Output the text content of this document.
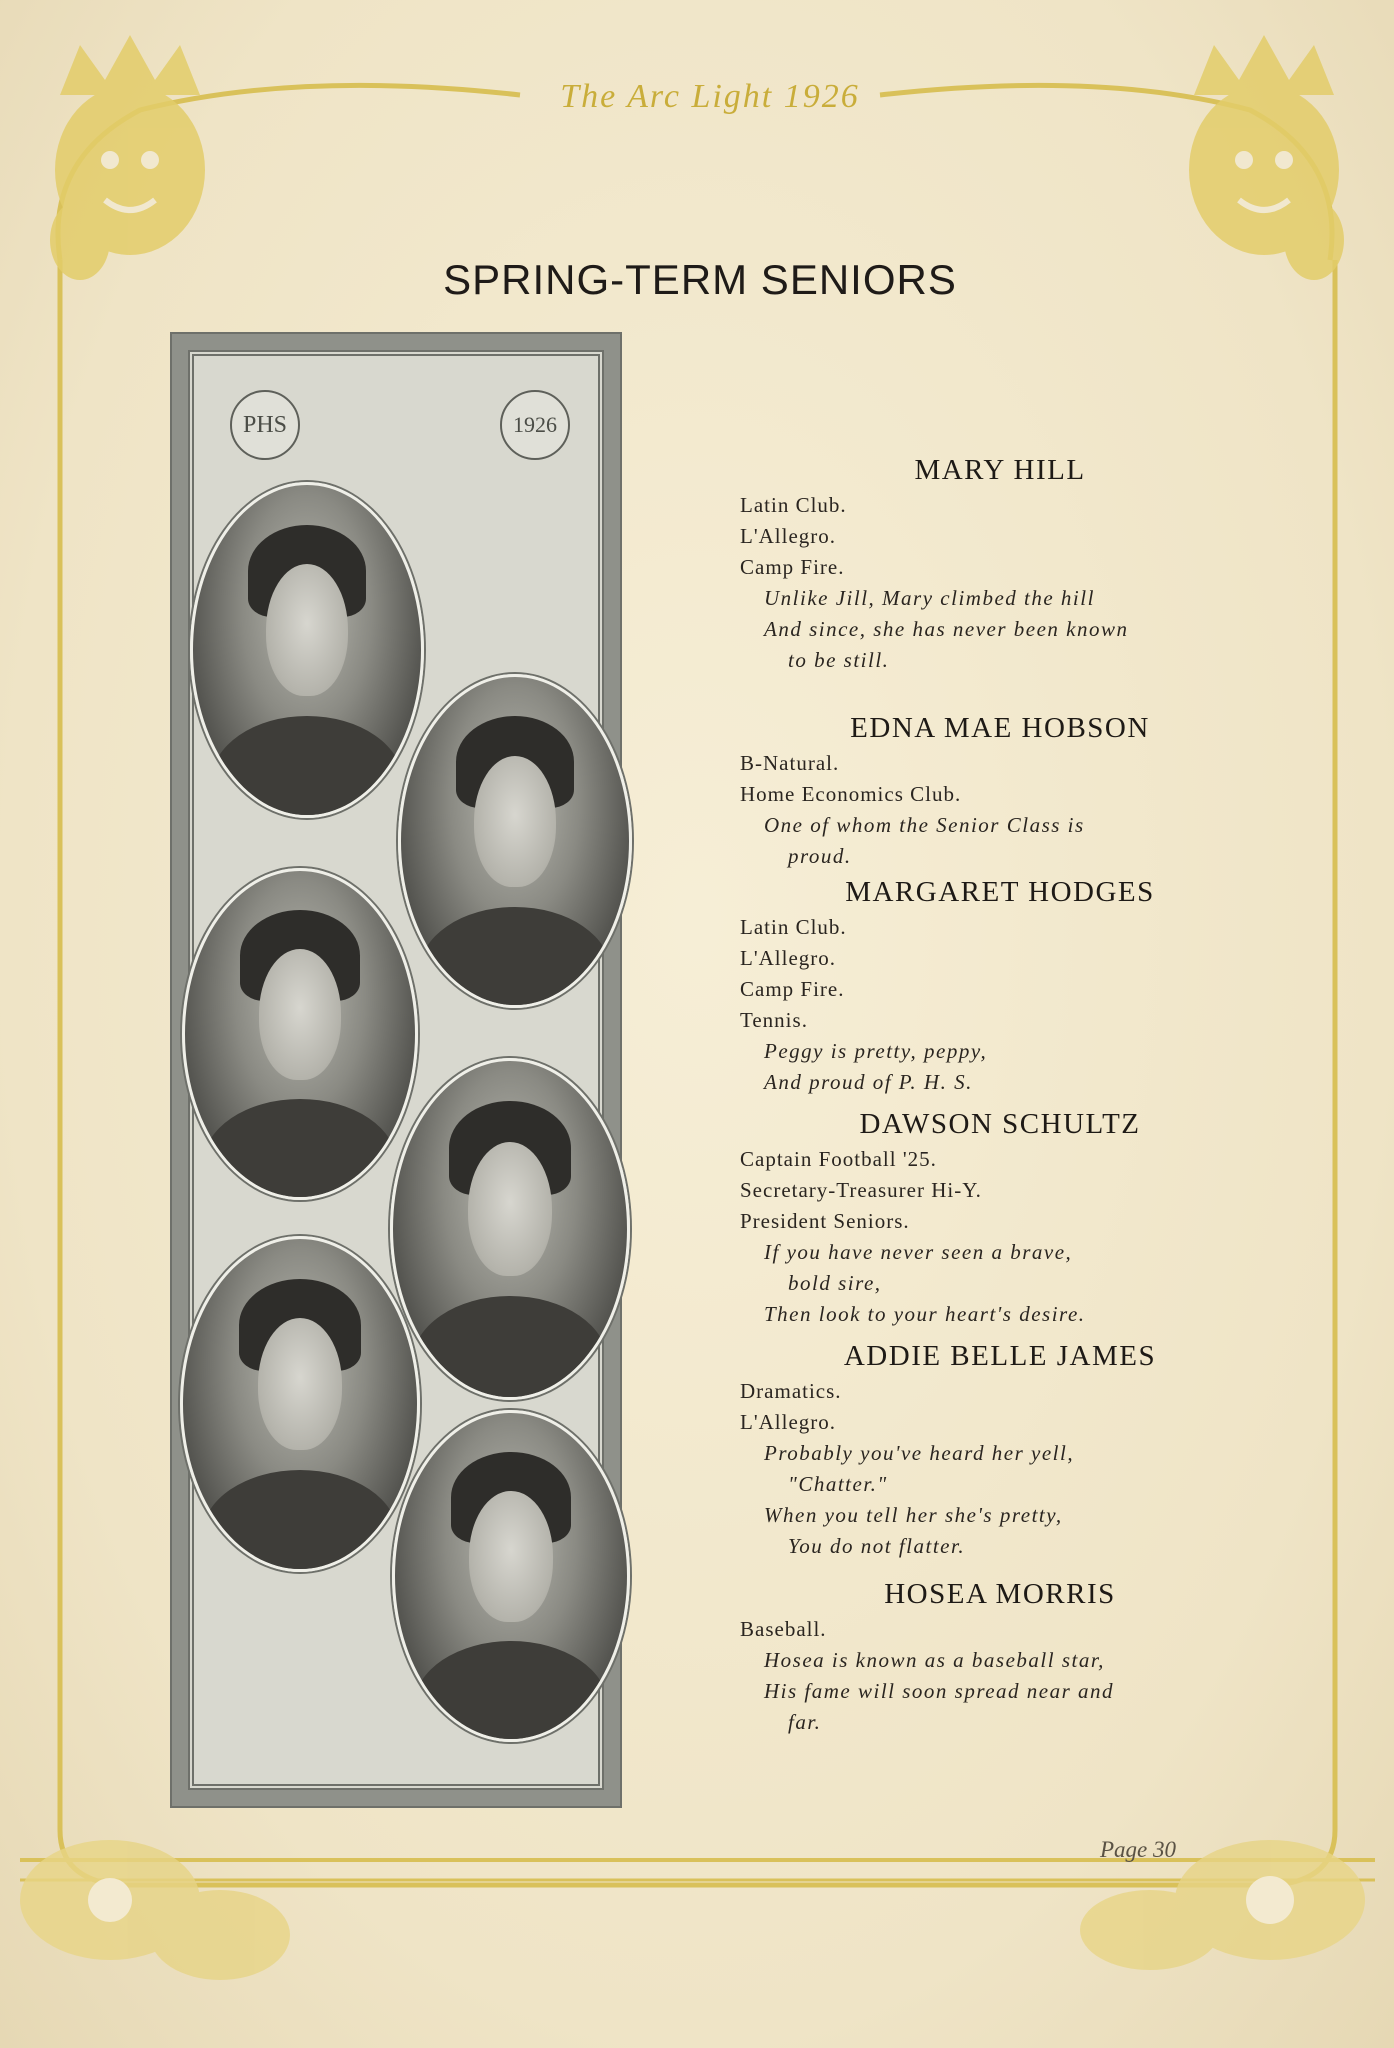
The Arc Light 1926
SPRING-TERM SENIORS
PHS	1926
MARY HILL
Latin Club.
L'Allegro.
Camp Fire.
Unlike Jill, Mary climbed the hill
And since, she has never been known
to be still.
EDNA MAE HOBSON
B-Natural.
Home Economics Club.
One of whom the Senior Class is
proud.
MARGARET HODGES
Latin Club.
L'Allegro.
Camp Fire.
Tennis.
Peggy is pretty, peppy,
And proud of P. H. S.
DAWSON SCHULTZ
Captain Football '25.
Secretary-Treasurer Hi-Y.
President Seniors.
If you have never seen a brave,
bold sire,
Then look to your heart's desire.
ADDIE BELLE JAMES
Dramatics.
L'Allegro.
Probably you've heard her yell,
"Chatter."
When you tell her she's pretty,
You do not flatter.
HOSEA MORRIS
Baseball.
Hosea is known as a baseball star,
His fame will soon spread near and
far.
Page 30
